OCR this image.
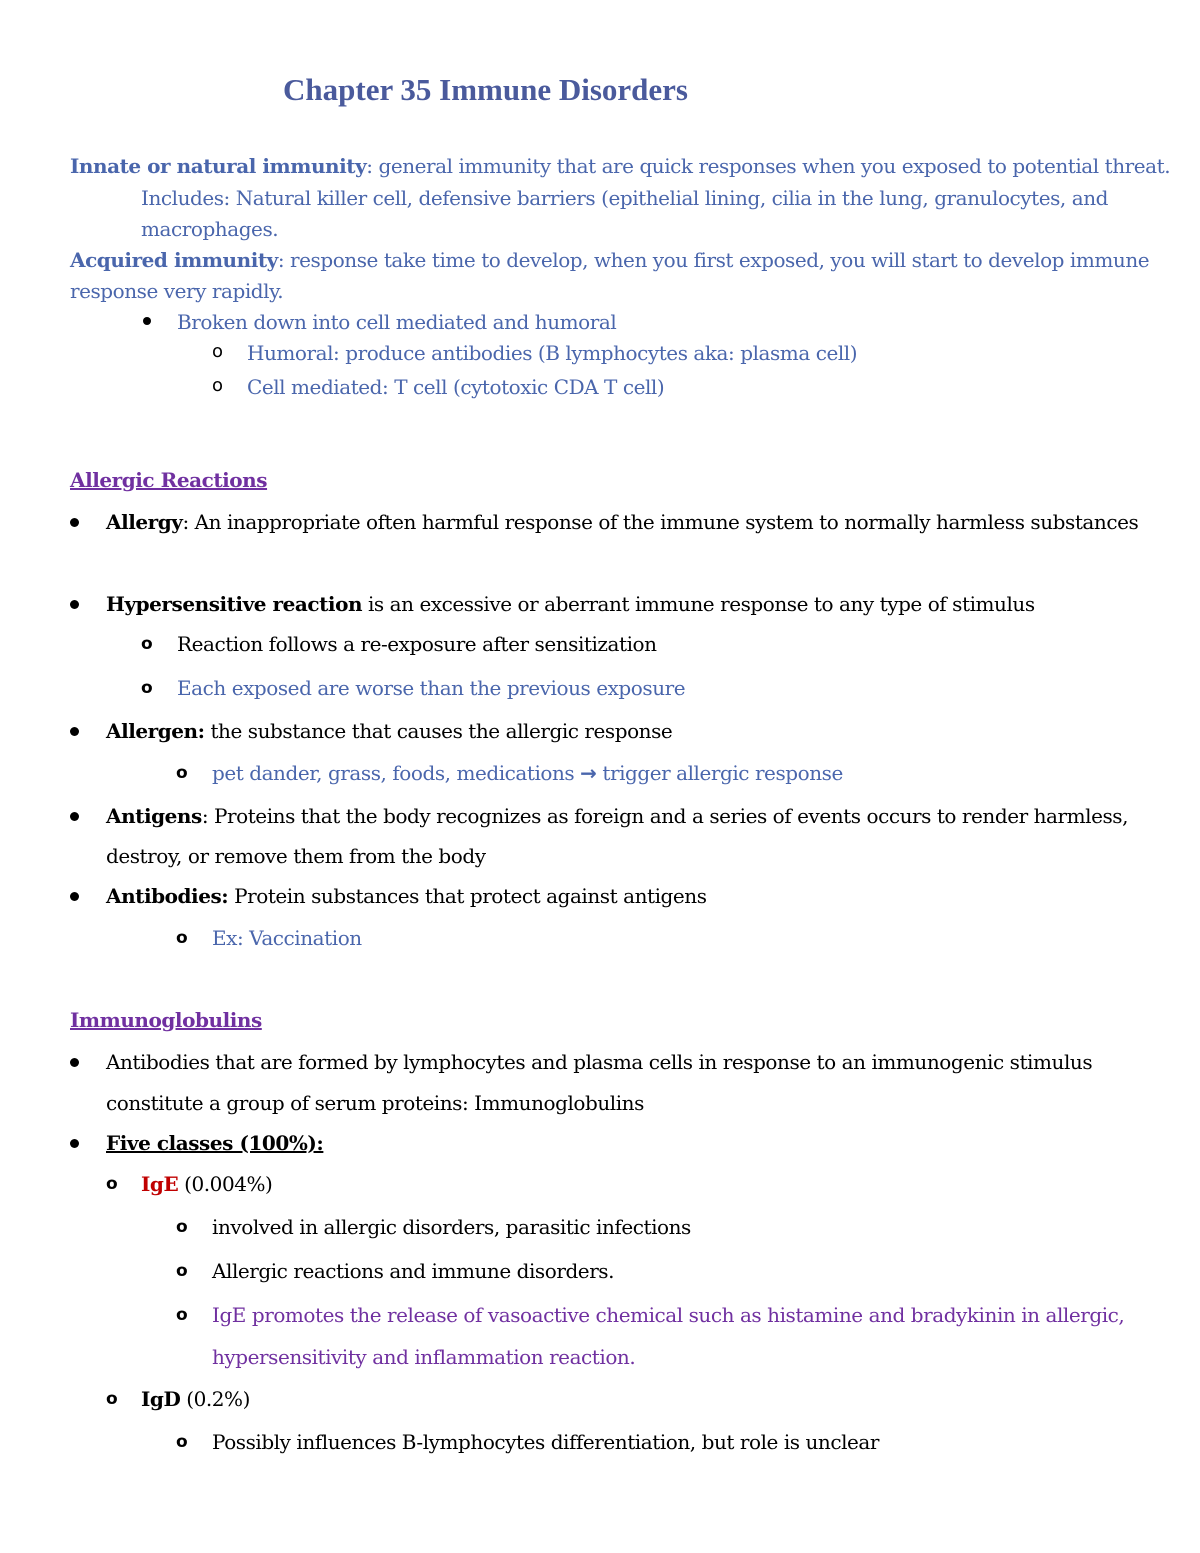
Chapter 35 Immune Disorders
Innate or natural immunity: general immunity that are quick responses when you exposed to potential threat.
Includes: Natural killer cell, defensive barriers (epithelial lining, cilia in the lung, granulocytes, and
macrophages.
Acquired immunity: response take time to develop, when you first exposed, you will start to develop immune
response very rapidly.
Broken down into cell mediated and humoral
o Humoral: produce antibodies (B lymphocytes aka: plasma cell)
o Cell mediated: T cell (cytotoxic CDA T cell)
Allergic Reactions
Allergy: An inappropriate often harmful response of the immune system to normally harmless substances
Hypersensitive reaction is an excessive or aberrant immune response to any type of stimulus
o Reaction follows a re-exposure after sensitization
o Each exposed are worse than the previous exposure
Allergen: the substance that causes the allergic response
o pet dander, grass, foods, medications → trigger allergic response
Antigens: Proteins that the body recognizes as foreign and a series of events occurs to render harmless,
destroy, or remove them from the body
Antibodies: Protein substances that protect against antigens
o Ex: Vaccination
Immunoglobulins
Antibodies that are formed by lymphocytes and plasma cells in response to an immunogenic stimulus
constitute a group of serum proteins: Immunoglobulins
Five classes (100%):
o IgE (0.004%)
o involved in allergic disorders, parasitic infections
o Allergic reactions and immune disorders.
o IgE promotes the release of vasoactive chemical such as histamine and bradykinin in allergic,
hypersensitivity and inflammation reaction.
o IgD (0.2%)
o Possibly influences B-lymphocytes differentiation, but role is unclear
